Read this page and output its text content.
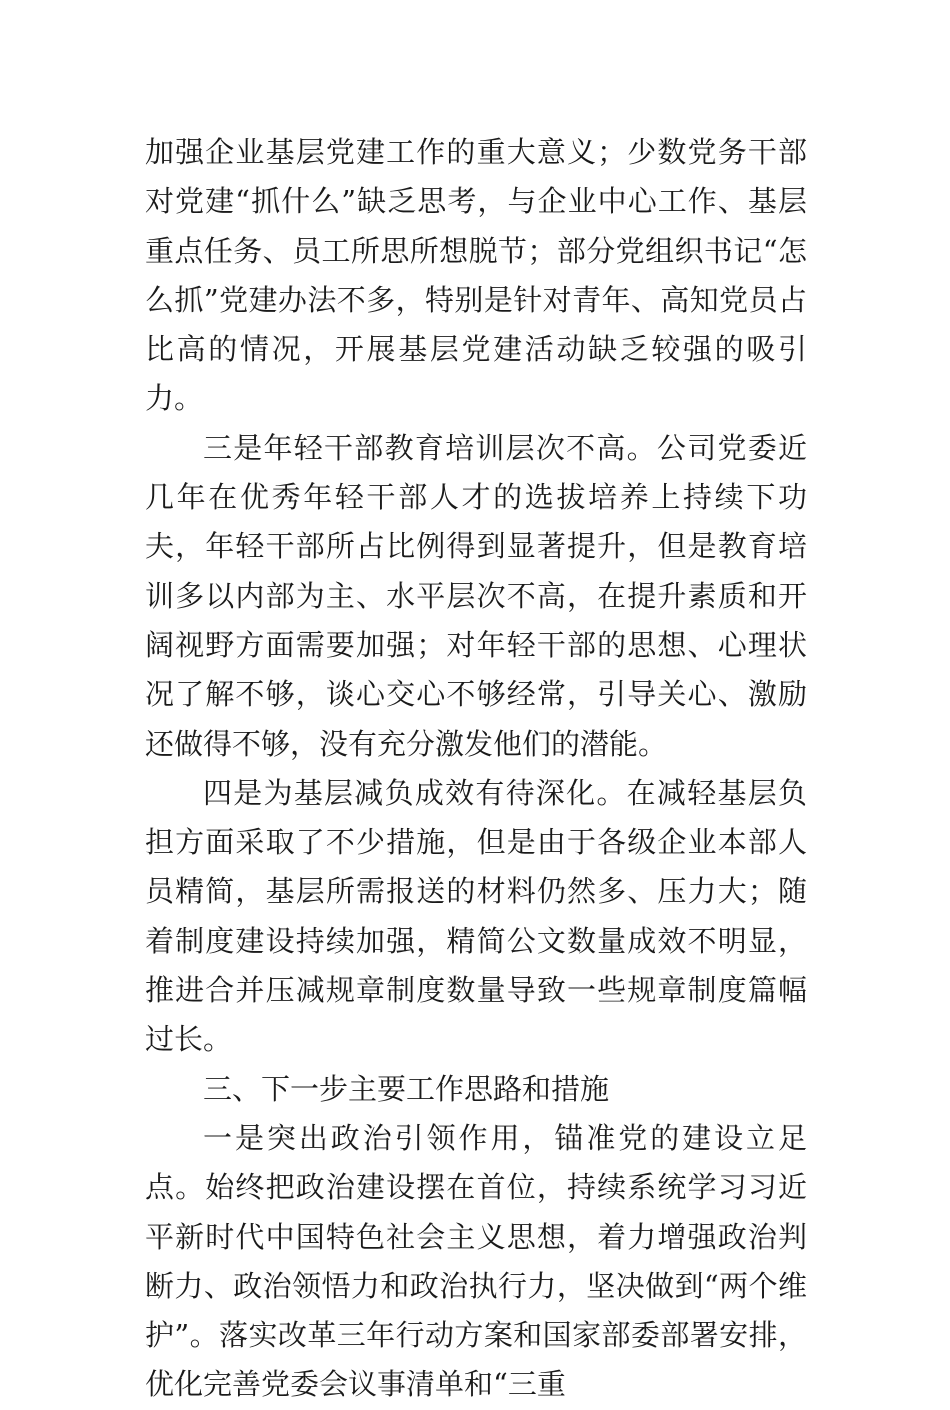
加强企业基层党建工作的重大意义；少数党务干部对党建“抓什么”缺乏思考，与企业中心工作、基层重点任务、员工所思所想脱节；部分党组织书记“怎么抓”党建办法不多，特别是针对青年、高知党员占比高的情况，开展基层党建活动缺乏较强的吸引力。

三是年轻干部教育培训层次不高。公司党委近几年在优秀年轻干部人才的选拔培养上持续下功夫，年轻干部所占比例得到显著提升，但是教育培训多以内部为主、水平层次不高，在提升素质和开阔视野方面需要加强；对年轻干部的思想、心理状况了解不够，谈心交心不够经常，引导关心、激励还做得不够，没有充分激发他们的潜能。

四是为基层减负成效有待深化。在减轻基层负担方面采取了不少措施，但是由于各级企业本部人员精简，基层所需报送的材料仍然多、压力大；随着制度建设持续加强，精简公文数量成效不明显，推进合并压减规章制度数量导致一些规章制度篇幅过长。

三、下一步主要工作思路和措施

一是突出政治引领作用，锚准党的建设立足点。始终把政治建设摆在首位，持续系统学习习近平新时代中国特色社会主义思想，着力增强政治判断力、政治领悟力和政治执行力，坚决做到“两个维护”。落实改革三年行动方案和国家部委部署安排，优化完善党委会议事清单和“三重
